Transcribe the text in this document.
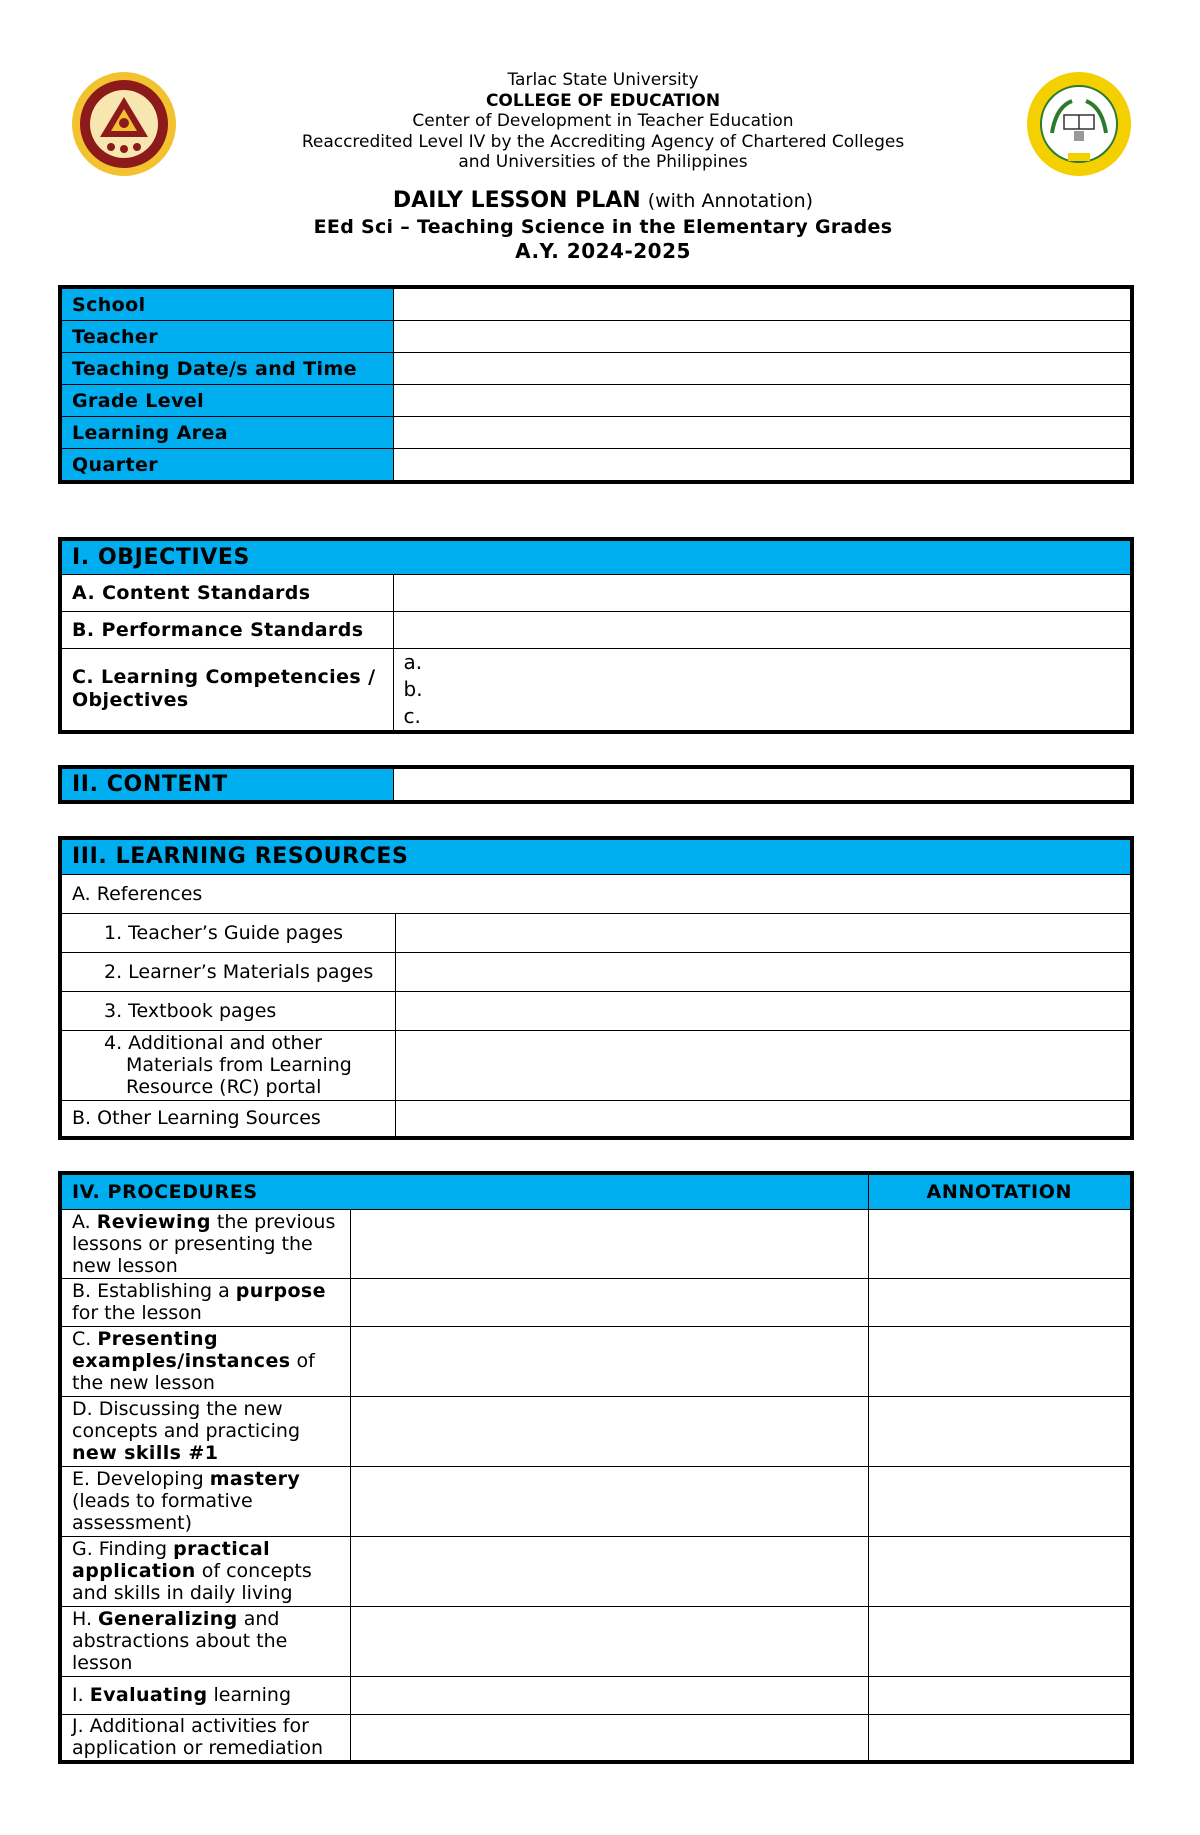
Tarlac State University
COLLEGE OF EDUCATION
Center of Development in Teacher Education
Reaccredited Level IV by the Accrediting Agency of Chartered Colleges
and Universities of the Philippines
DAILY LESSON PLAN (with Annotation)
EEd Sci – Teaching Science in the Elementary Grades
A.Y. 2024-2025
School	
Teacher	
Teaching Date/s and Time	
Grade Level	
Learning Area	
Quarter	
I. OBJECTIVES	
A. Content Standards	
B. Performance Standards	
C. Learning Competencies / Objectives	a.
b.
c.
II. CONTENT	
III. LEARNING RESOURCES	
A. References	
1. Teacher’s Guide pages	
2. Learner’s Materials pages	
3. Textbook pages	
4. Additional and other
Materials from Learning
Resource (RC) portal	

B. Other Learning Sources	
IV. PROCEDURES		ANNOTATION
A. Reviewing the previous lessons or presenting the new lesson		
B. Establishing a purpose for the lesson		
C. Presenting examples/instances of the new lesson		
D. Discussing the new concepts and practicing new skills #1		
E. Developing mastery (leads to formative assessment)		
G. Finding practical application of concepts and skills in daily living		
H. Generalizing and abstractions about the lesson		
I. Evaluating learning		
J. Additional activities for application or remediation		
